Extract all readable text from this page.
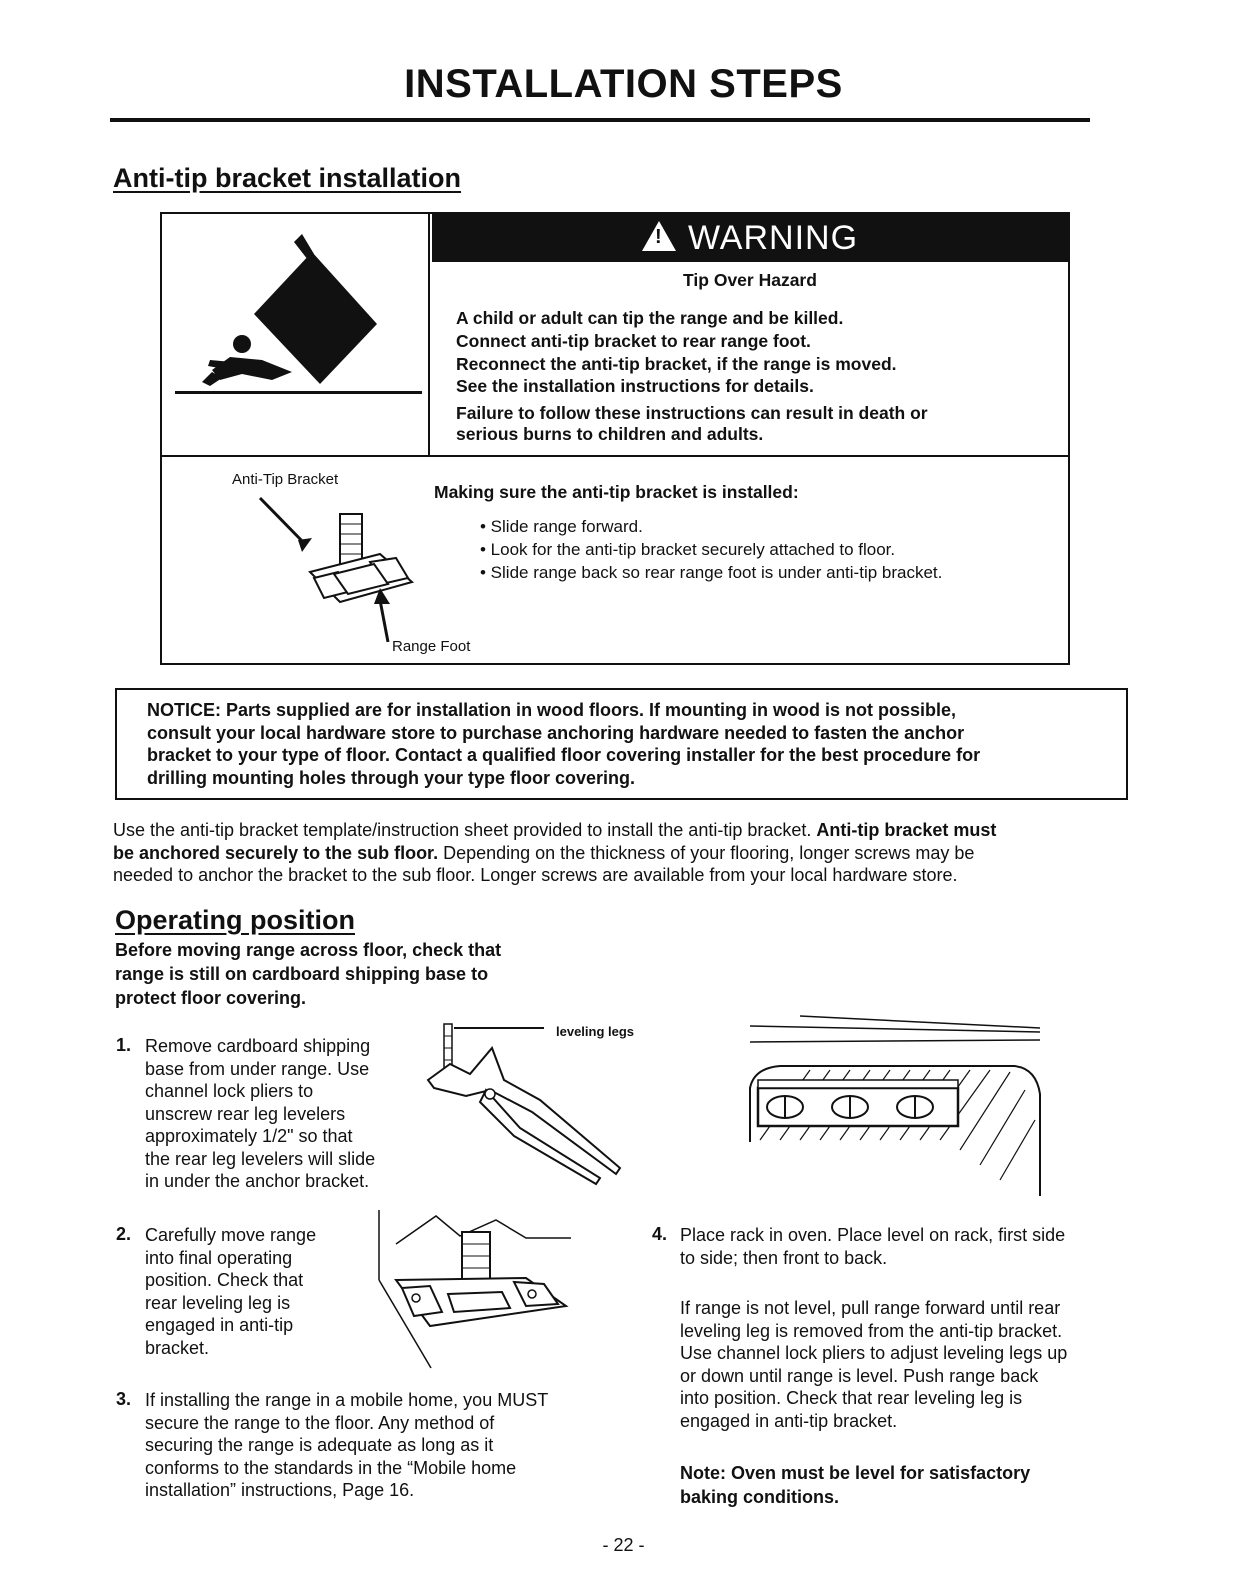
INSTALLATION STEPS
Anti-tip bracket installation
!WARNING
Tip Over Hazard
A child or adult can tip the range and be killed.
Connect anti-tip bracket to rear range foot.
Reconnect the anti-tip bracket, if the range is moved.
See the installation instructions for details.
Failure to follow these instructions can result in death or
serious burns to children and adults.
Anti-Tip Bracket
Range Foot
Making sure the anti-tip bracket is installed:
• Slide range forward.
• Look for the anti-tip bracket securely attached to floor.
• Slide range back so rear range foot is under anti-tip bracket.
NOTICE: Parts supplied are for installation in wood floors. If mounting in wood is not possible,
consult your local hardware store to purchase anchoring hardware needed to fasten the anchor
bracket to your type of floor. Contact a qualified floor covering installer for the best procedure for
drilling mounting holes through your type floor covering.
Use the anti-tip bracket template/instruction sheet provided to install the anti-tip bracket. Anti-tip bracket must
be anchored securely to the sub floor. Depending on the thickness of your flooring, longer screws may be
needed to anchor the bracket to the sub floor. Longer screws are available from your local hardware store.
Operating position
Before moving range across floor, check that
range is still on cardboard shipping base to
protect floor covering.
1. Remove cardboard shipping
base from under range. Use
channel lock pliers to
unscrew rear leg levelers
approximately 1/2" so that
the rear leg levelers will slide
in under the anchor bracket.
leveling legs
2. Carefully move range
into final operating
position. Check that
rear leveling leg is
engaged in anti-tip
bracket.
3. If installing the range in a mobile home, you MUST
secure the range to the floor. Any method of
securing the range is adequate as long as it
conforms to the standards in the “Mobile home
installation” instructions, Page 16.
4. Place rack in oven. Place level on rack, first side
to side; then front to back.
If range is not level, pull range forward until rear
leveling leg is removed from the anti-tip bracket.
Use channel lock pliers to adjust leveling legs up
or down until range is level. Push range back
into position. Check that rear leveling leg is
engaged in anti-tip bracket.
Note: Oven must be level for satisfactory
baking conditions.
- 22 -
